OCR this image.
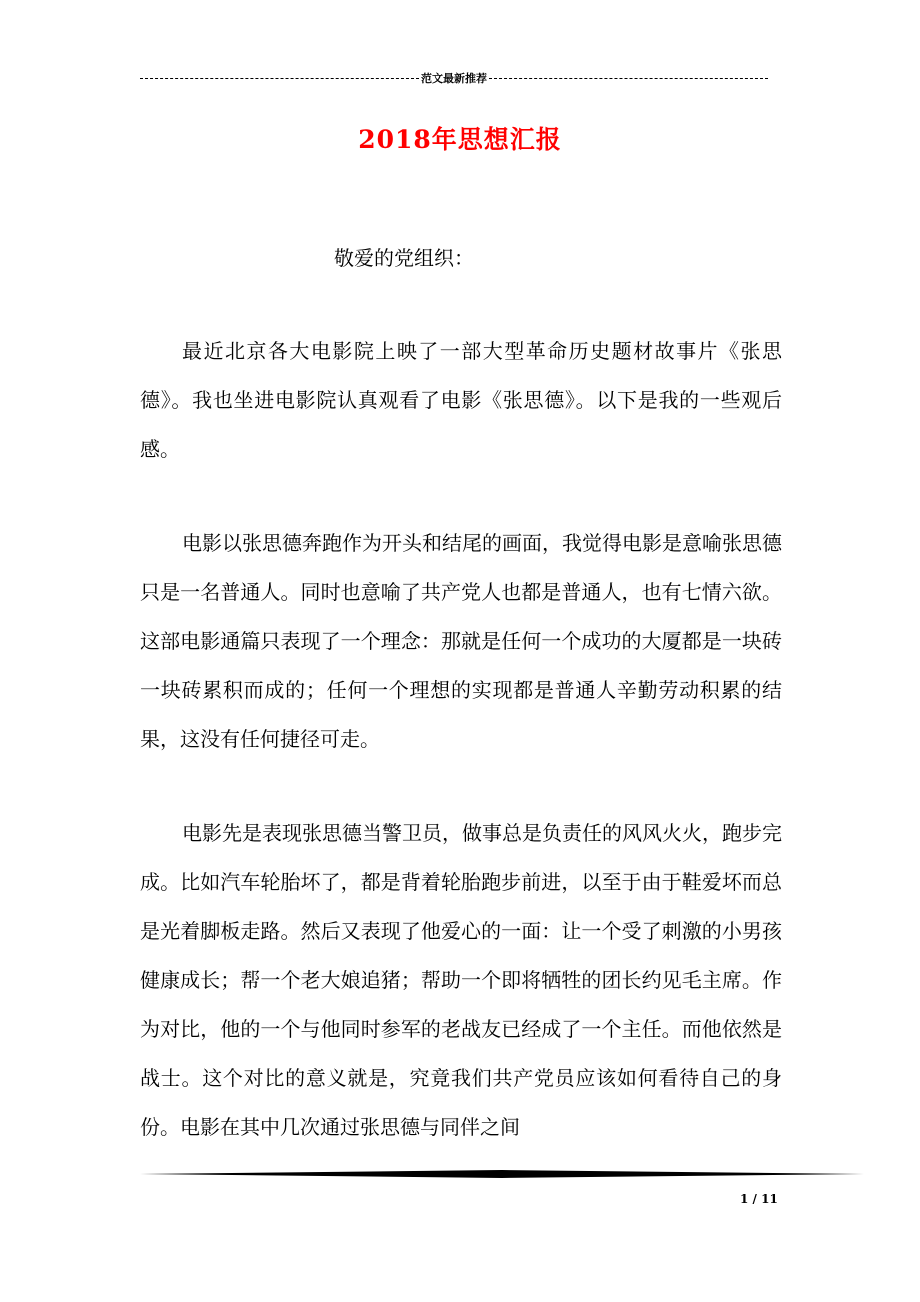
范文最新推荐
2018年思想汇报
敬爱的党组织：

最近北京各大电影院上映了一部大型革命历史题材故事片《张思德》。我也坐进电影院认真观看了电影《张思德》。以下是我的一些观后感。

电影以张思德奔跑作为开头和结尾的画面，我觉得电影是意喻张思德只是一名普通人。同时也意喻了共产党人也都是普通人，也有七情六欲。这部电影通篇只表现了一个理念：那就是任何一个成功的大厦都是一块砖一块砖累积而成的；任何一个理想的实现都是普通人辛勤劳动积累的结果，这没有任何捷径可走。

电影先是表现张思德当警卫员，做事总是负责任的风风火火，跑步完成。比如汽车轮胎坏了，都是背着轮胎跑步前进，以至于由于鞋爱坏而总是光着脚板走路。然后又表现了他爱心的一面：让一个受了刺激的小男孩健康成长；帮一个老大娘追猪；帮助一个即将牺牲的团长约见毛主席。作为对比，他的一个与他同时参军的老战友已经成了一个主任。而他依然是战士。这个对比的意义就是，究竟我们共产党员应该如何看待自己的身份。电影在其中几次通过张思德与同伴之间

1 / 11
